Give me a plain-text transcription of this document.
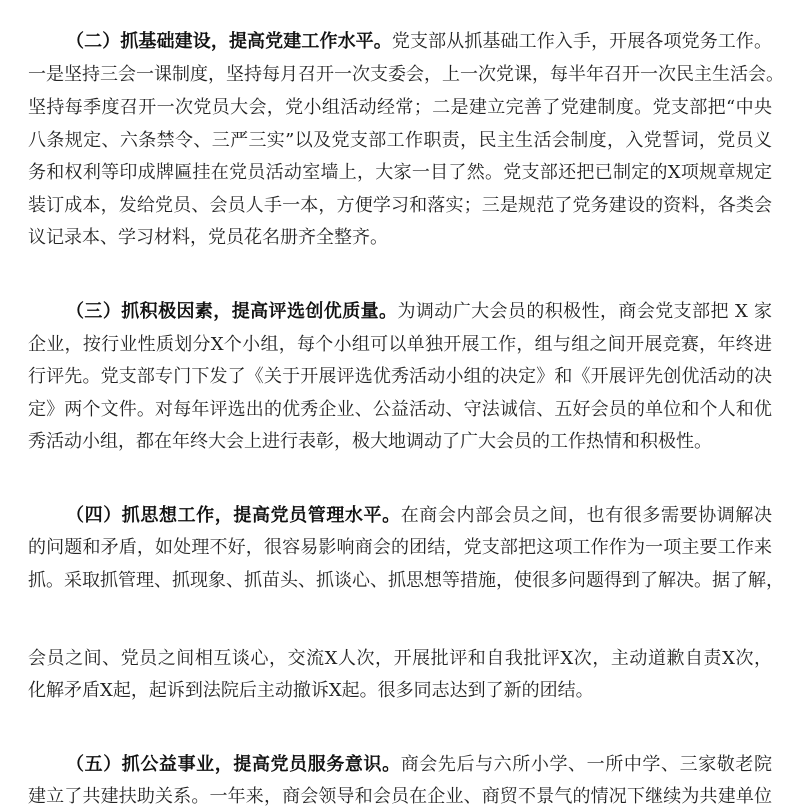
（二）抓基础建设，提高党建工作水平。党支部从抓基础工作入手，开展各项党务工作。
一是坚持三会一课制度，坚持每月召开一次支委会，上一次党课，每半年召开一次民主生活会。
坚持每季度召开一次党员大会，党小组活动经常；二是建立完善了党建制度。党支部把“中央
八条规定、六条禁令、三严三实”以及党支部工作职责，民主生活会制度，入党誓词，党员义
务和权利等印成牌匾挂在党员活动室墙上，大家一目了然。党支部还把已制定的X项规章规定
装订成本，发给党员、会员人手一本，方便学习和落实；三是规范了党务建设的资料，各类会
议记录本、学习材料，党员花名册齐全整齐。
（三）抓积极因素，提高评选创优质量。为调动广大会员的积极性，商会党支部把 X 家
企业，按行业性质划分X个小组，每个小组可以单独开展工作，组与组之间开展竞赛，年终进
行评先。党支部专门下发了《关于开展评选优秀活动小组的决定》和《开展评先创优活动的决
定》两个文件。对每年评选出的优秀企业、公益活动、守法诚信、五好会员的单位和个人和优
秀活动小组，都在年终大会上进行表彰，极大地调动了广大会员的工作热情和积极性。
（四）抓思想工作，提高党员管理水平。在商会内部会员之间，也有很多需要协调解决
的问题和矛盾，如处理不好，很容易影响商会的团结，党支部把这项工作作为一项主要工作来
抓。采取抓管理、抓现象、抓苗头、抓谈心、抓思想等措施，使很多问题得到了解决。据了解，
会员之间、党员之间相互谈心，交流X人次，开展批评和自我批评X次，主动道歉自责X次，
化解矛盾X起，起诉到法院后主动撤诉X起。很多同志达到了新的团结。
（五）抓公益事业，提高党员服务意识。商会先后与六所小学、一所中学、三家敬老院
建立了共建扶助关系。一年来，商会领导和会员在企业、商贸不景气的情况下继续为共建单位
